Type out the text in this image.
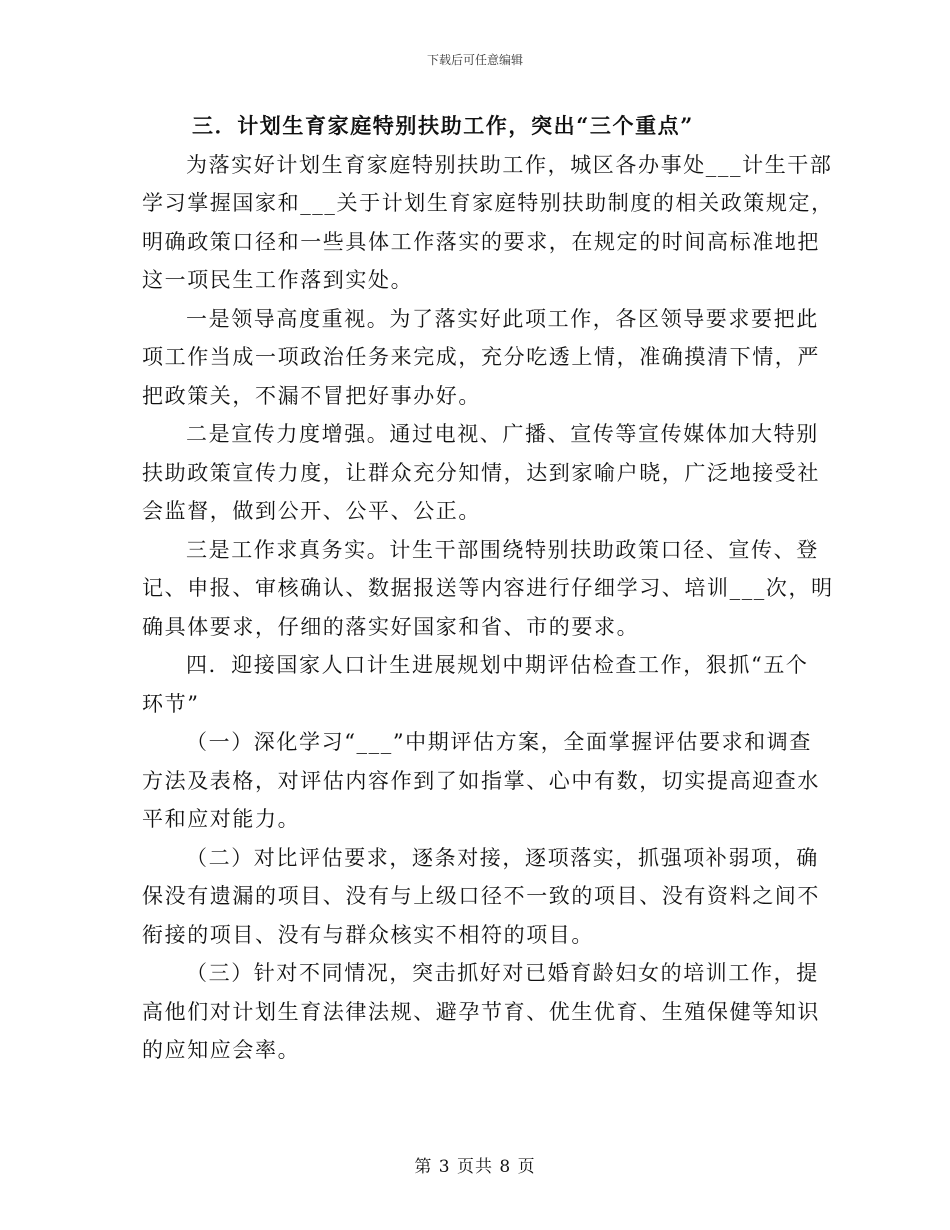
下载后可任意编辑
三．计划生育家庭特别扶助工作，突出“三个重点”
为落实好计划生育家庭特别扶助工作，城区各办事处___计生干部
学习掌握国家和___关于计划生育家庭特别扶助制度的相关政策规定，
明确政策口径和一些具体工作落实的要求，在规定的时间高标准地把
这一项民生工作落到实处。
一是领导高度重视。为了落实好此项工作，各区领导要求要把此
项工作当成一项政治任务来完成，充分吃透上情，准确摸清下情，严
把政策关，不漏不冒把好事办好。
二是宣传力度增强。通过电视、广播、宣传等宣传媒体加大特别
扶助政策宣传力度，让群众充分知情，达到家喻户晓，广泛地接受社
会监督，做到公开、公平、公正。
三是工作求真务实。计生干部围绕特别扶助政策口径、宣传、登
记、申报、审核确认、数据报送等内容进行仔细学习、培训___次，明
确具体要求，仔细的落实好国家和省、市的要求。
四．迎接国家人口计生进展规划中期评估检查工作，狠抓“五个
环节”
（一）深化学习“___”中期评估方案，全面掌握评估要求和调查
方法及表格，对评估内容作到了如指掌、心中有数，切实提高迎查水
平和应对能力。
（二）对比评估要求，逐条对接，逐项落实，抓强项补弱项，确
保没有遗漏的项目、没有与上级口径不一致的项目、没有资料之间不
衔接的项目、没有与群众核实不相符的项目。
（三）针对不同情况，突击抓好对已婚育龄妇女的培训工作，提
高他们对计划生育法律法规、避孕节育、优生优育、生殖保健等知识
的应知应会率。
第 3 页共 8 页
